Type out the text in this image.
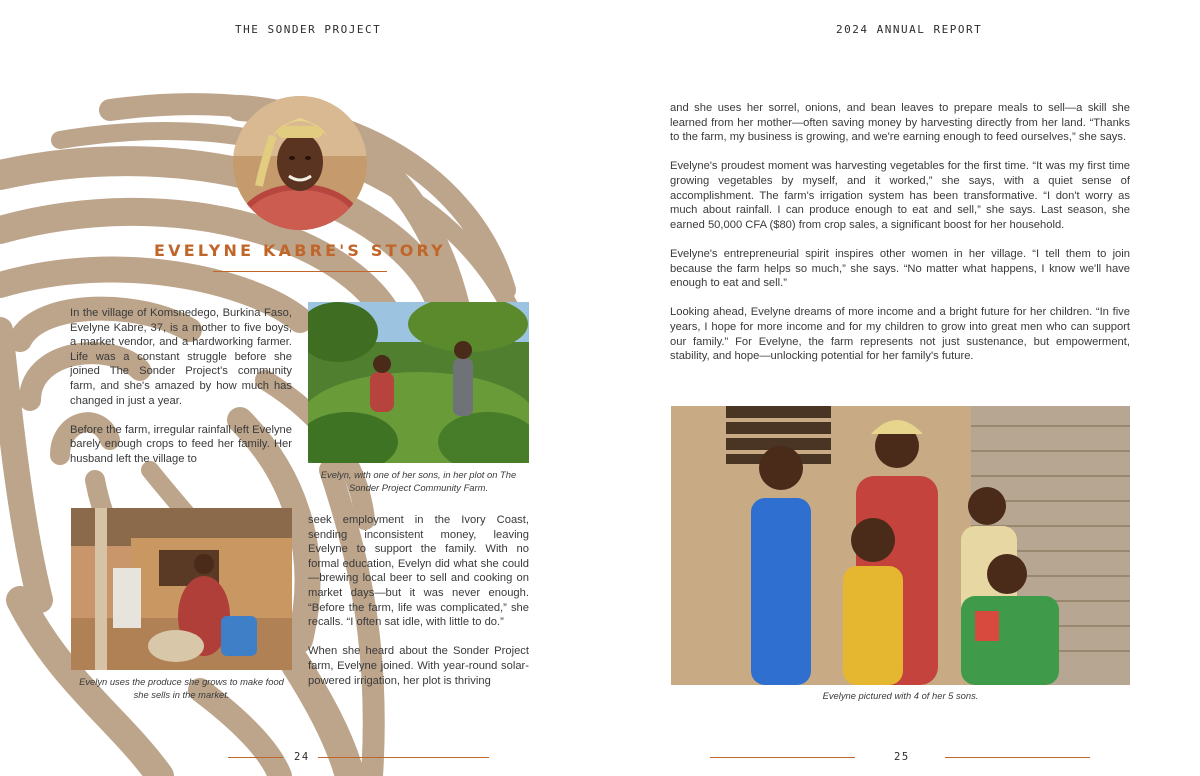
THE SONDER PROJECT
EVELYNE KABRE'S STORY

In the village of Komsnedego, Burkina Faso, Evelyne Kabre, 37, is a mother to five boys, a market vendor, and a hardworking farmer. Life was a constant struggle before she joined The Sonder Project's community farm, and she's amazed by how much has changed in just a year.

Before the farm, irregular rainfall left Evelyne barely enough crops to feed her family. Her husband left the village to

Evelyn, with one of her sons, in her plot on The Sonder Project Community Farm.

Evelyn uses the produce she grows to make food she sells in the market.

seek employment in the Ivory Coast, sending inconsistent money, leaving Evelyne to support the family. With no formal education, Evelyn did what she could—brewing local beer to sell and cooking on market days—but it was never enough. “Before the farm, life was complicated,” she recalls. “I often sat idle, with little to do.”

When she heard about the Sonder Project farm, Evelyne joined. With year-round solar-powered irrigation, her plot is thriving

24
2024 ANNUAL REPORT

and she uses her sorrel, onions, and bean leaves to prepare meals to sell—a skill she learned from her mother—often saving money by harvesting directly from her land. “Thanks to the farm, my business is growing, and we're earning enough to feed ourselves,” she says.

Evelyne's proudest moment was harvesting vegetables for the first time. “It was my first time growing vegetables by myself, and it worked,” she says, with a quiet sense of accomplishment. The farm's irrigation system has been transformative. “I don't worry as much about rainfall. I can produce enough to eat and sell,” she says. Last season, she earned 50,000 CFA ($80) from crop sales, a significant boost for her household.

Evelyne's entrepreneurial spirit inspires other women in her village. “I tell them to join because the farm helps so much,” she says. “No matter what happens, I know we'll have enough to eat and sell.”

Looking ahead, Evelyne dreams of more income and a bright future for her children. “In five years, I hope for more income and for my children to grow into great men who can support our family.” For Evelyne, the farm represents not just sustenance, but empowerment, stability, and hope—unlocking potential for her family's future.

Evelyne pictured with 4 of her 5 sons.

25
